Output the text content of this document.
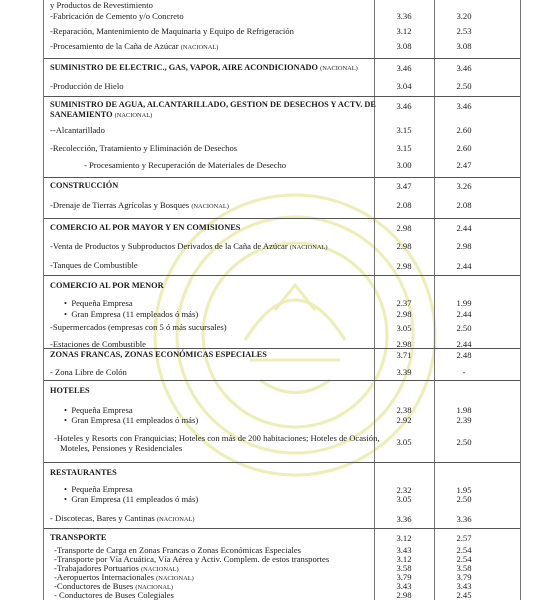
y Productos de Revestimiento
-Fabricación de Cemento y/o Concreto	3.36	3.20
-Reparación, Mantenimiento de Maquinaria y Equipo de Refrigeración	3.12	2.53
-Procesamiento de la Caña de Azúcar (NACIONAL)	3.08	3.08
SUMINISTRO DE ELECTRIC., GAS, VAPOR, AIRE ACONDICIONADO (NACIONAL)	3.46	3.46
-Producción de Hielo	3.04	2.50
SUMINISTRO DE AGUA, ALCANTARILLADO, GESTION DE DESECHOS Y ACTV. DE
SANEAMIENTO (NACIONAL)
3.46	3.46
--Alcantarillado	3.15	2.60
-Recolección, Tratamiento y Eliminación de Desechos	3.15	2.60
- Procesamiento y Recuperación de Materiales de Desecho	3.00	2.47
CONSTRUCCIÓN	3.47	3.26
-Drenaje de Tierras Agrícolas y Bosques (NACIONAL)	2.08	2.08
COMERCIO AL POR MAYOR Y EN COMISIONES	2.98	2.44
-Venta de Productos y Subproductos Derivados de la Caña de Azúcar (NACIONAL)	2.98	2.98
-Tanques de Combustible	2.98	2.44
COMERCIO AL POR MENOR
•  Pequeña Empresa	2.37	1.99
•  Gran Empresa (11 empleados ó más)	2.98	2.44
-Supermercados (empresas con 5 ó más sucursales)	3.05	2.50
-Estaciones de Combustible	2.98	2.44
ZONAS FRANCAS, ZONAS ECONÓMICAS ESPECIALES	3.71	2.48
- Zona Libre de Colón	3.39	-
HOTELES
•  Pequeña Empresa	2.38	1.98
•  Gran Empresa (11 empleados ó más)	2.92	2.39
-Hoteles y Resorts con Franquicias; Hoteles con más de 200 habitaciones; Hoteles de Ocasión,
Moteles, Pensiones y Residenciales
3.05	2.50
RESTAURANTES
•  Pequeña Empresa	2.32	1.95
•  Gran Empresa (11 empleados ó más)	3.05	2.50
- Discotecas, Bares y Cantinas (NACIONAL)	3.36	3.36
TRANSPORTE	3.12	2.57
-Transporte de Carga en Zonas Francas o Zonas Económicas Especiales	3.43	2.54
-Transporte por Vía Acuática, Vía Aérea y Activ. Complem. de estos transportes	3.12	2.54
-Trabajadores Portuarios (NACIONAL)	3.58	3.58
-Aeropuertos Internacionales (NACIONAL)	3.79	3.79
-Conductores de Buses (NACIONAL)	3.43	3.43
- Conductores de Buses Colegiales	2.98	2.45
